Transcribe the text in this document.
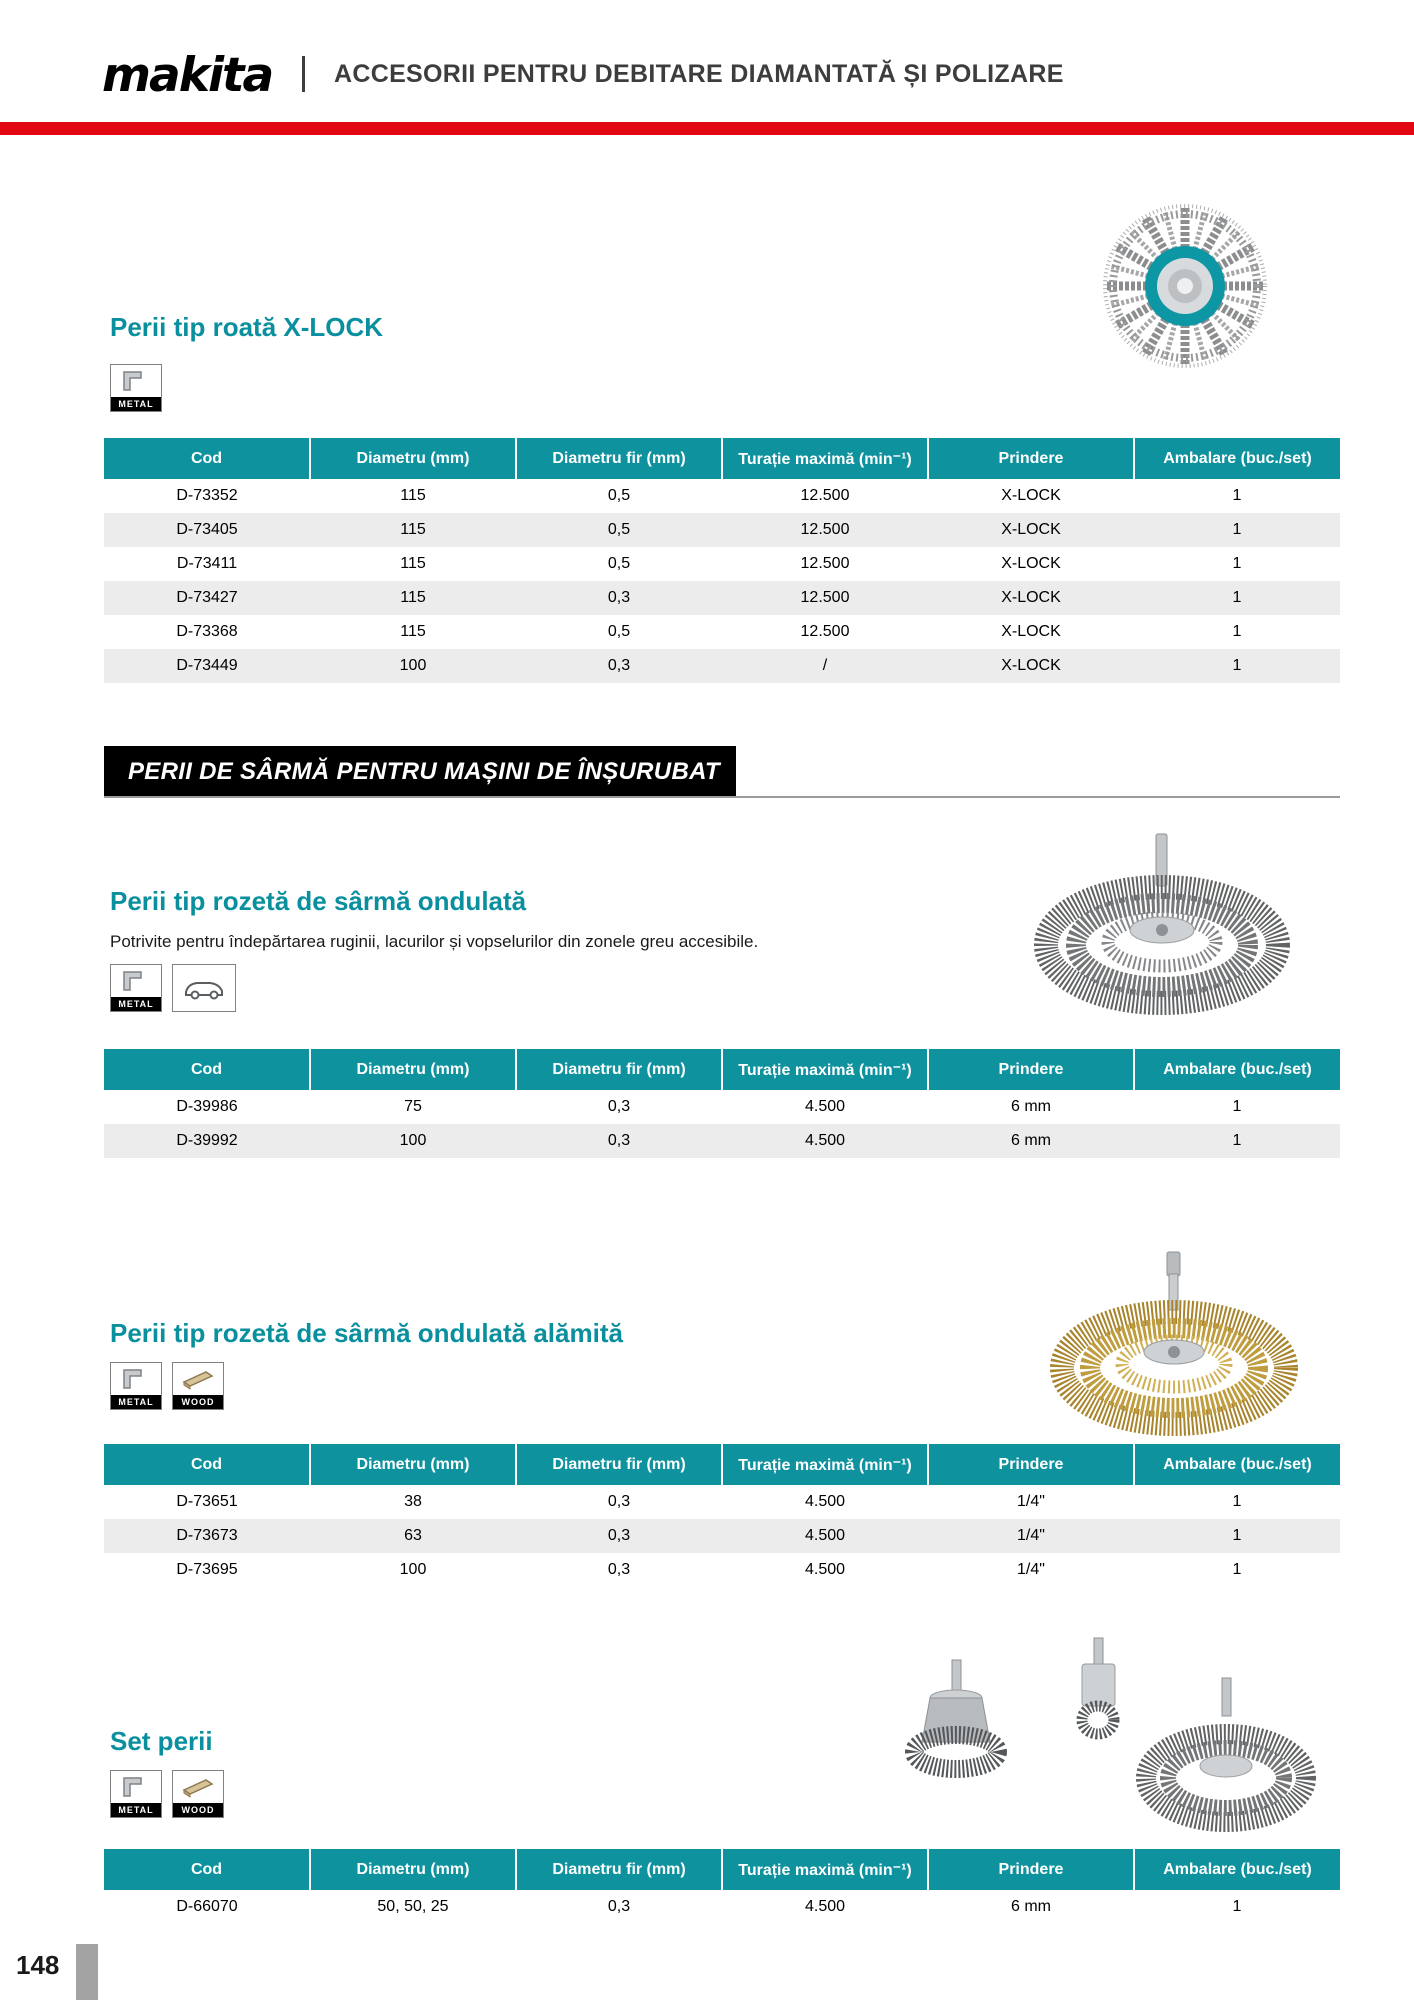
makita ACCESORII PENTRU DEBITARE DIAMANTATĂ ȘI POLIZARE
Perii tip roată X-LOCK
METAL
Cod	Diametru (mm)	Diametru fir (mm)	Turație maximă (min⁻¹)	Prindere	Ambalare (buc./set)
D-73352	115	0,5	12.500	X-LOCK	1
D-73405	115	0,5	12.500	X-LOCK	1
D-73411	115	0,5	12.500	X-LOCK	1
D-73427	115	0,3	12.500	X-LOCK	1
D-73368	115	0,5	12.500	X-LOCK	1
D-73449	100	0,3	/	X-LOCK	1
PERII DE SÂRMĂ PENTRU MAȘINI DE ÎNȘURUBAT
Perii tip rozetă de sârmă ondulată

Potrivite pentru îndepărtarea ruginii, lacurilor și vopselurilor din zonele greu accesibile.

METAL
Cod	Diametru (mm)	Diametru fir (mm)	Turație maximă (min⁻¹)	Prindere	Ambalare (buc./set)
D-39986	75	0,3	4.500	6 mm	1
D-39992	100	0,3	4.500	6 mm	1
Perii tip rozetă de sârmă ondulată alămită
METAL	WOOD
Cod	Diametru (mm)	Diametru fir (mm)	Turație maximă (min⁻¹)	Prindere	Ambalare (buc./set)
D-73651	38	0,3	4.500	1/4"	1
D-73673	63	0,3	4.500	1/4"	1
D-73695	100	0,3	4.500	1/4"	1
Set perii
METAL	WOOD
Cod	Diametru (mm)	Diametru fir (mm)	Turație maximă (min⁻¹)	Prindere	Ambalare (buc./set)
D-66070	50, 50, 25	0,3	4.500	6 mm	1
148
